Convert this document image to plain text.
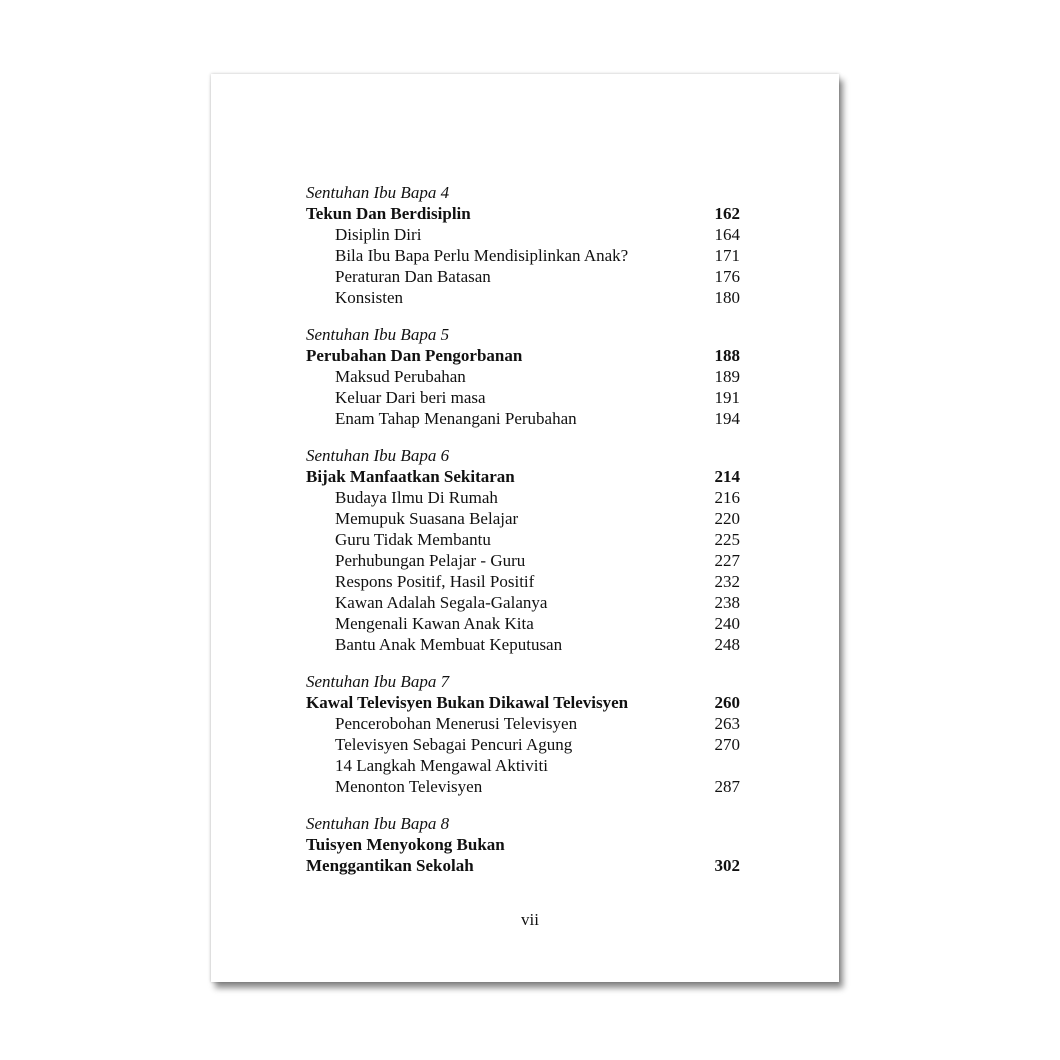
Sentuhan Ibu Bapa 4
Tekun Dan Berdisiplin	162
Disiplin Diri	164
Bila Ibu Bapa Perlu Mendisiplinkan Anak?	171
Peraturan Dan Batasan	176
Konsisten	180
Sentuhan Ibu Bapa 5
Perubahan Dan Pengorbanan	188
Maksud Perubahan	189
Keluar Dari beri masa	191
Enam Tahap Menangani Perubahan	194
Sentuhan Ibu Bapa 6
Bijak Manfaatkan Sekitaran	214
Budaya Ilmu Di Rumah	216
Memupuk Suasana Belajar	220
Guru Tidak Membantu	225
Perhubungan Pelajar - Guru	227
Respons Positif, Hasil Positif	232
Kawan Adalah Segala-Galanya	238
Mengenali Kawan Anak Kita	240
Bantu Anak Membuat Keputusan	248
Sentuhan Ibu Bapa 7
Kawal Televisyen Bukan Dikawal Televisyen	260
Pencerobohan Menerusi Televisyen	263
Televisyen Sebagai Pencuri Agung	270
14 Langkah Mengawal Aktiviti
Menonton Televisyen	287
Sentuhan Ibu Bapa 8
Tuisyen Menyokong Bukan
Menggantikan Sekolah	302
vii
